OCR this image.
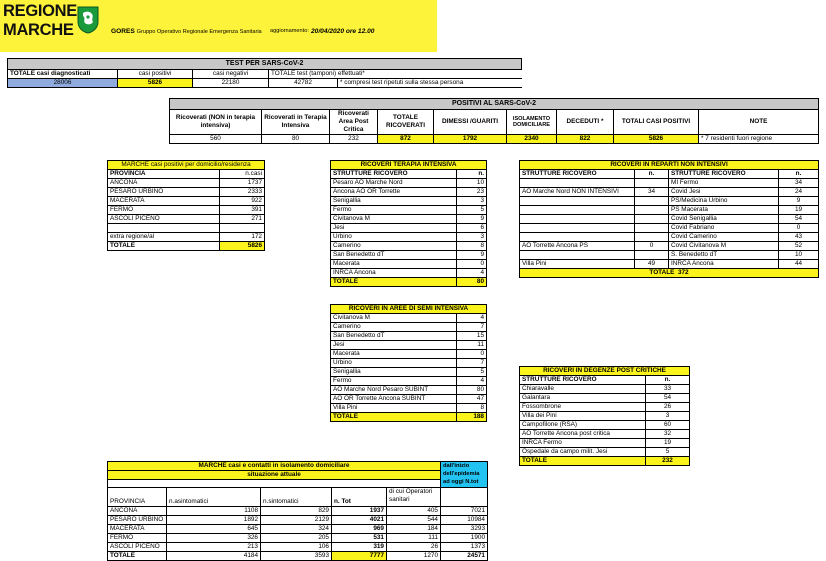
REGIONE
MARCHE	GORES Gruppo Operativo Regionale Emergenza Sanitaria aggiornamento: 20/04/2020 ore 12.00
TEST PER SARS-CoV-2				
TOTALE casi diagnosticati	casi positivi	casi negativi	TOTALE test (tamponi) effettuati*	
28006	5826	22180	42782	* compresi test ripetuti sulla stessa persona
POSITIVI AL SARS-CoV-2								
Ricoverati (NON in terapia intensiva)	Ricoverati in Terapia Intensiva	Ricoverati Area Post Critica	TOTALE RICOVERATI	DIMESSI /GUARITI	ISOLAMENTO DOMICILIARE	DECEDUTI *	TOTALI CASI POSITIVI	NOTE
560	80	232	872	1792	2340	822	5826	* 7 residenti fuori regione
MARCHE casi positivi per domicilio/residenza	
PROVINCIA	n.casi
ANCONA	1737
PESARO URBINO	2333
MACERATA	922
FERMO	391
ASCOLI PICENO	271

extra regione/al	172
TOTALE	5826
RICOVERI TERAPIA INTENSIVA	
STRUTTURE RICOVERO	n.
Pesaro AO Marche Nord	10
Ancona AO OR Torrette	23
Senigallia	3
Fermo	5
Civitanova M	9
Jesi	6
Urbino	3
Camerino	8
San Benedetto dT	9
Macerata	0
INRCA Ancona	4
TOTALE	80
RICOVERI IN AREE DI SEMI INTENSIVA	
Civitanova M	4
Camerino	7
San Benedetto dT	15
Jesi	11
Macerata	0
Urbino	7
Senigallia	5
Fermo	4
AO Marche Nord Pesaro SUBINT	80
AO OR Torrette Ancona SUBINT	47
Villa Pini	8
TOTALE	188
RICOVERI IN REPARTI NON INTENSIVI			
STRUTTURE RICOVERO	n.	STRUTTURE RICOVERO	n.
		MI Fermo	34
AO Marche Nord NON INTENSIVI	34	Covid Jesi	24
		PS/Medicina Urbino	9
		PS Macerata	19
		Covid Senigallia	54
		Covid Fabriano	0
		Covid Camerino	43
AO Torrette Ancona PS	0	Covid Civitanova M	52
		S. Benedetto dT	10
Villa Pini	49	INRCA Ancona	44
TOTALE 372			
RICOVERI IN DEGENZE POST CRITICHE	
STRUTTURE RICOVERO	n.
Chiaravalle	33
Galantara	54
Fossombrone	26
Villa dei Pini	3
Campofilone (RSA)	60
AO Torrette Ancona post critica	32
INRCA Fermo	19
Ospedale da campo milit. Jesi	5
TOTALE	232
MARCHE casi e contatti in isolamento domiciliare					dall'inizio dell'epidemia ad oggi N.tot
situazione attuale					

PROVINCIA	n.asintomatici	n.sintomatici	n. Tot	di cui Operatori sanitari	
ANCONA	1108	829	1937	405	7021
PESARO URBINO	1892	2129	4021	544	10984
MACERATA	645	324	969	184	3293
FERMO	326	205	531	111	1900
ASCOLI PICENO	213	106	319	26	1373
TOTALE	4184	3593	7777	1270	24571
